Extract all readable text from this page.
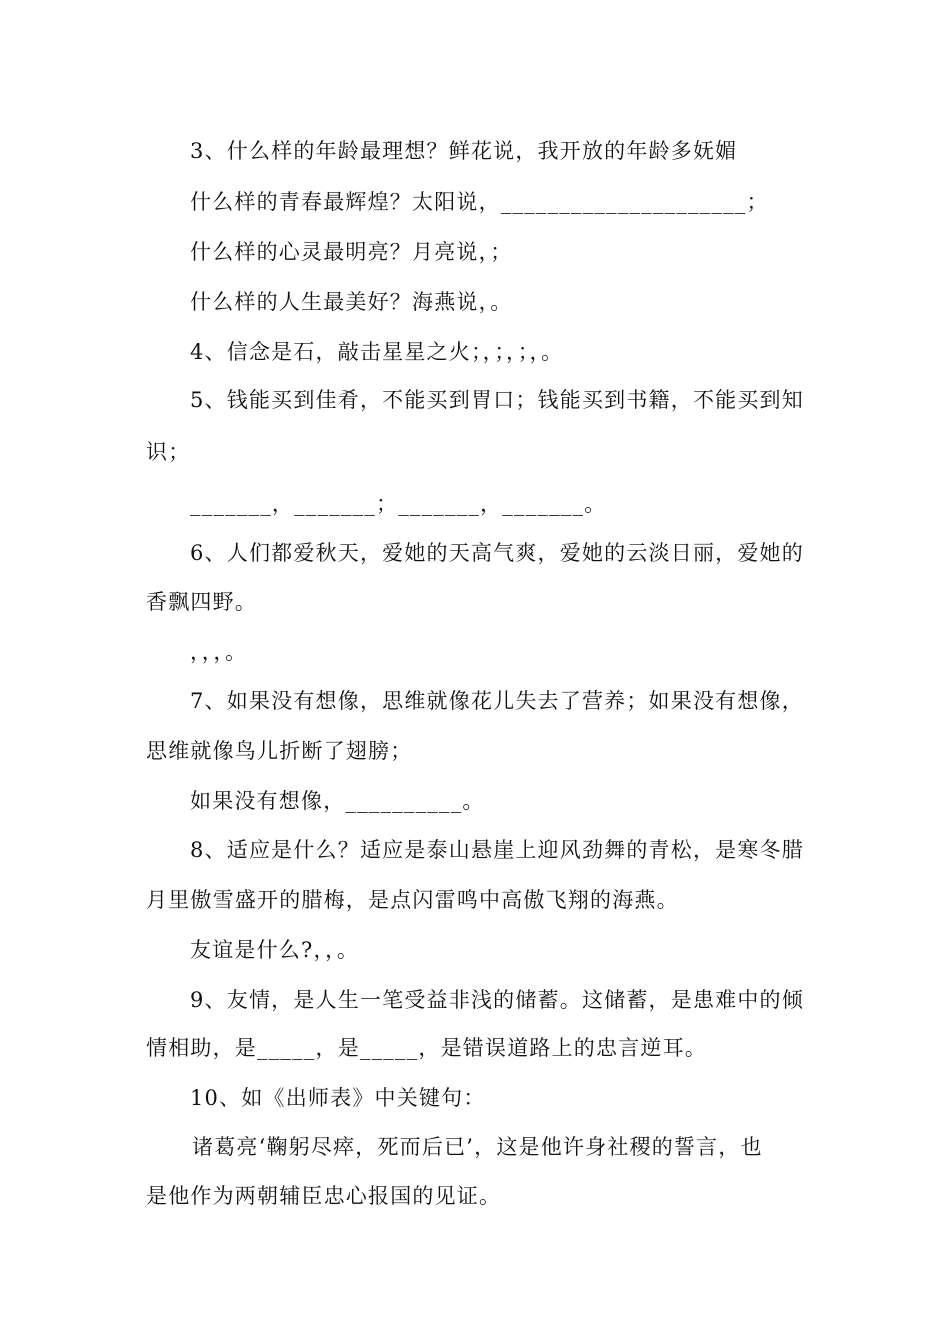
3、什么样的年龄最理想？鲜花说，我开放的年龄多妩媚
什么样的青春最辉煌？太阳说，_____________________；
什么样的心灵最明亮？月亮说，；
什么样的人生最美好？海燕说，。
4、信念是石，敲击星星之火；，；，；，。
5、钱能买到佳肴，不能买到胃口；钱能买到书籍，不能买到知
识；
_______，_______；_______，_______。
6、人们都爱秋天，爱她的天高气爽，爱她的云淡日丽，爱她的
香飘四野。
，，，。
7、如果没有想像，思维就像花儿失去了营养；如果没有想像，
思维就像鸟儿折断了翅膀；
如果没有想像，__________。
8、适应是什么？适应是泰山悬崖上迎风劲舞的青松，是寒冬腊
月里傲雪盛开的腊梅，是点闪雷鸣中高傲飞翔的海燕。
友谊是什么?，，。
9、友情，是人生一笔受益非浅的储蓄。这储蓄，是患难中的倾
情相助，是_____，是_____，是错误道路上的忠言逆耳。
10、如《出师表》中关键句：
诸葛亮‘鞠躬尽瘁，死而后已’，这是他许身社稷的誓言，也
是他作为两朝辅臣忠心报国的见证。
